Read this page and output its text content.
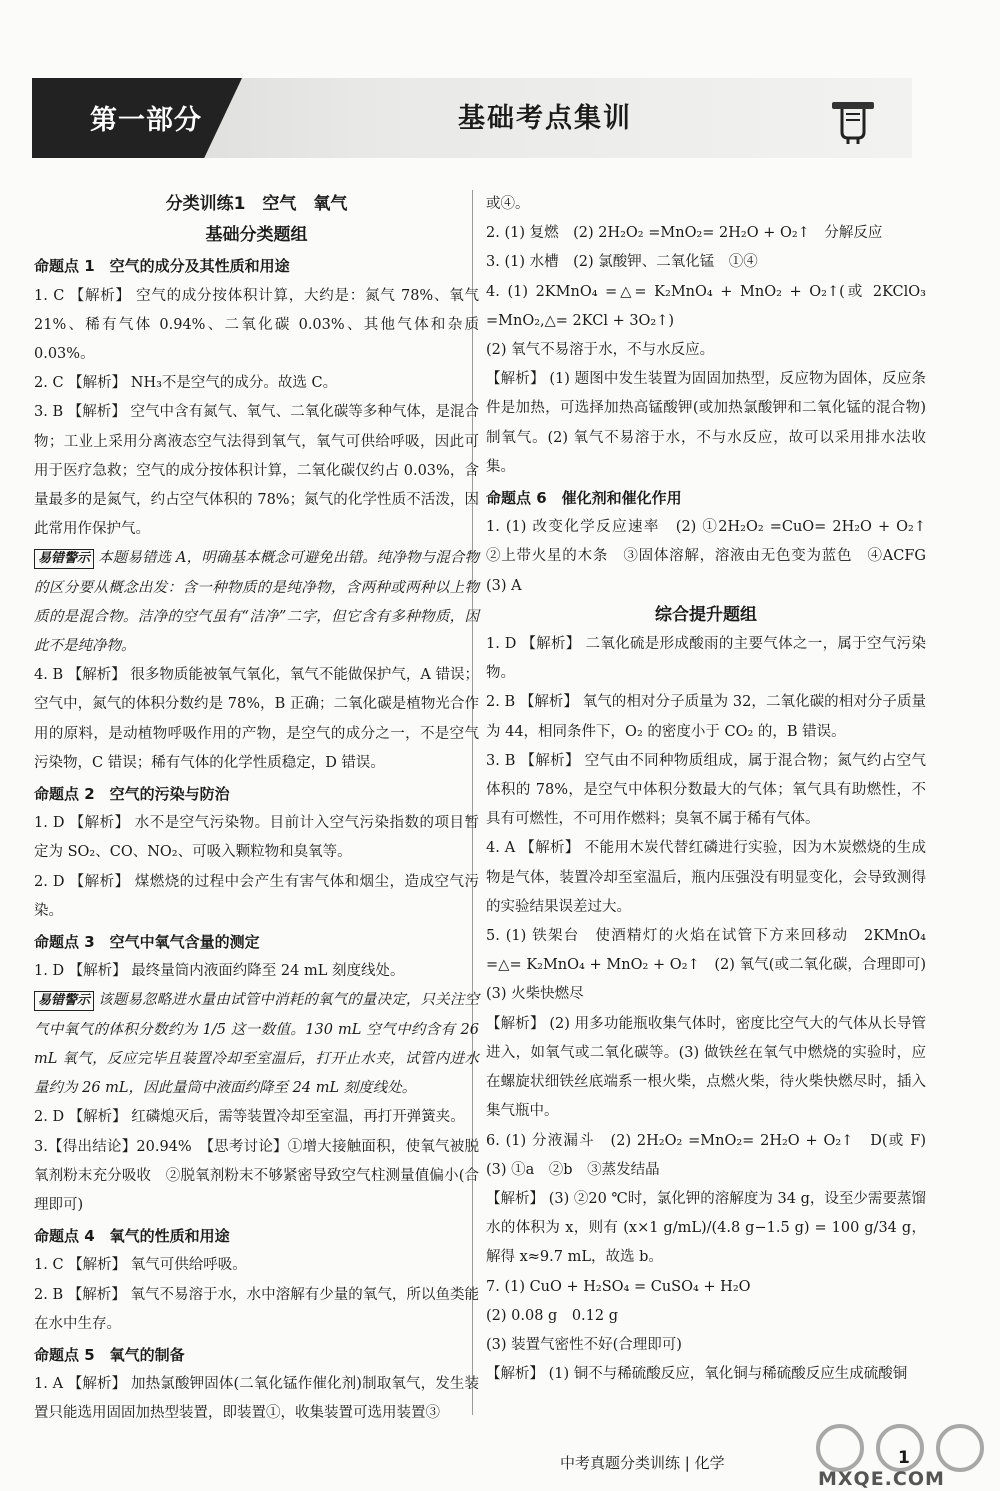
第一部分	基础考点集训
分类训练1　空气　氧气
基础分类题组
命题点 1　空气的成分及其性质和用途

1. C 【解析】 空气的成分按体积计算，大约是：氮气 78%、氧气 21%、稀有气体 0.94%、二氧化碳 0.03%、其他气体和杂质 0.03%。

2. C 【解析】 NH₃不是空气的成分。故选 C。

3. B 【解析】 空气中含有氮气、氧气、二氧化碳等多种气体，是混合物；工业上采用分离液态空气法得到氧气，氧气可供给呼吸，因此可用于医疗急救；空气的成分按体积计算，二氧化碳仅约占 0.03%，含量最多的是氮气，约占空气体积的 78%；氮气的化学性质不活泼，因此常用作保护气。

易错警示 本题易错选 A，明确基本概念可避免出错。纯净物与混合物的区分要从概念出发：含一种物质的是纯净物，含两种或两种以上物质的是混合物。洁净的空气虽有“洁净”二字，但它含有多种物质，因此不是纯净物。

4. B 【解析】 很多物质能被氧气氧化，氧气不能做保护气，A 错误；空气中，氮气的体积分数约是 78%，B 正确；二氧化碳是植物光合作用的原料，是动植物呼吸作用的产物，是空气的成分之一，不是空气污染物，C 错误；稀有气体的化学性质稳定，D 错误。

命题点 2　空气的污染与防治

1. D 【解析】 水不是空气污染物。目前计入空气污染指数的项目暂定为 SO₂、CO、NO₂、可吸入颗粒物和臭氧等。

2. D 【解析】 煤燃烧的过程中会产生有害气体和烟尘，造成空气污染。

命题点 3　空气中氧气含量的测定

1. D 【解析】 最终量筒内液面约降至 24 mL 刻度线处。

易错警示 该题易忽略进水量由试管中消耗的氧气的量决定，只关注空气中氧气的体积分数约为 1/5 这一数值。130 mL 空气中约含有 26 mL 氧气，反应完毕且装置冷却至室温后，打开止水夹，试管内进水量约为 26 mL，因此量筒中液面约降至 24 mL 刻度线处。

2. D 【解析】 红磷熄灭后，需等装置冷却至室温，再打开弹簧夹。

3.【得出结论】20.94%　【思考讨论】①增大接触面积，使氧气被脱氧剂粉末充分吸收　②脱氧剂粉末不够紧密导致空气柱测量值偏小(合理即可)

命题点 4　氧气的性质和用途

1. C 【解析】 氧气可供给呼吸。

2. B 【解析】 氧气不易溶于水，水中溶解有少量的氧气，所以鱼类能在水中生存。

命题点 5　氧气的制备

1. A 【解析】 加热氯酸钾固体(二氧化锰作催化剂)制取氧气，发生装置只能选用固固加热型装置，即装置①，收集装置可选用装置③

或④。

2. (1) 复燃　(2) 2H₂O₂ =MnO₂= 2H₂O + O₂↑　分解反应

3. (1) 水槽　(2) 氯酸钾、二氧化锰　①④

4. (1) 2KMnO₄ =△= K₂MnO₄ + MnO₂ + O₂↑(或 2KClO₃ =MnO₂,△= 2KCl + 3O₂↑)

(2) 氧气不易溶于水，不与水反应。

【解析】 (1) 题图中发生装置为固固加热型，反应物为固体，反应条件是加热，可选择加热高锰酸钾(或加热氯酸钾和二氧化锰的混合物)制氧气。(2) 氧气不易溶于水，不与水反应，故可以采用排水法收集。

命题点 6　催化剂和催化作用

1. (1) 改变化学反应速率　(2) ①2H₂O₂ =CuO= 2H₂O + O₂↑　②上带火星的木条　③固体溶解，溶液由无色变为蓝色　④ACFG　(3) A

综合提升题组

1. D 【解析】 二氧化硫是形成酸雨的主要气体之一，属于空气污染物。

2. B 【解析】 氧气的相对分子质量为 32，二氧化碳的相对分子质量为 44，相同条件下，O₂ 的密度小于 CO₂ 的，B 错误。

3. B 【解析】 空气由不同种物质组成，属于混合物；氮气约占空气体积的 78%，是空气中体积分数最大的气体；氧气具有助燃性，不具有可燃性，不可用作燃料；臭氧不属于稀有气体。

4. A 【解析】 不能用木炭代替红磷进行实验，因为木炭燃烧的生成物是气体，装置冷却至室温后，瓶内压强没有明显变化，会导致测得的实验结果误差过大。

5. (1) 铁架台　使酒精灯的火焰在试管下方来回移动　2KMnO₄ =△= K₂MnO₄ + MnO₂ + O₂↑　(2) 氧气(或二氧化碳，合理即可)　(3) 火柴快燃尽

【解析】 (2) 用多功能瓶收集气体时，密度比空气大的气体从长导管进入，如氧气或二氧化碳等。(3) 做铁丝在氧气中燃烧的实验时，应在螺旋状细铁丝底端系一根火柴，点燃火柴，待火柴快燃尽时，插入集气瓶中。

6. (1) 分液漏斗　(2) 2H₂O₂ =MnO₂= 2H₂O + O₂↑　D(或 F)　(3) ①a　②b　③蒸发结晶

【解析】 (3) ②20 ℃时，氯化钾的溶解度为 34 g，设至少需要蒸馏水的体积为 x，则有 (x×1 g/mL)/(4.8 g−1.5 g) = 100 g/34 g，解得 x≈9.7 mL，故选 b。

7. (1) CuO + H₂SO₄ = CuSO₄ + H₂O

(2) 0.08 g　0.12 g

(3) 装置气密性不好(合理即可)

【解析】 (1) 铜不与稀硫酸反应，氧化铜与稀硫酸反应生成硫酸铜

中考真题分类训练 | 化学	1
MXQE.COM
